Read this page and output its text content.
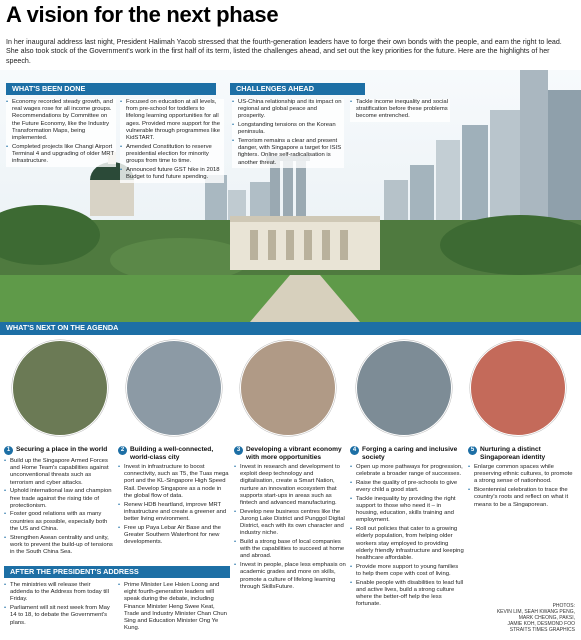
A vision for the next phase
In her inaugural address last night, President Halimah Yacob stressed that the fourth-generation leaders have to forge their own bonds with the people, and earn the right to lead. She also took stock of the Government's work in the first half of its term, listed the challenges ahead, and set out the key priorities for the future. Here are the highlights of her speech.
WHAT'S BEEN DONE

• Economy recorded steady growth, and real wages rose for all income groups. Recommendations by Committee on the Future Economy, like the Industry Transformation Maps, being implemented.

• Completed projects like Changi Airport Terminal 4 and upgrading of older MRT infrastructure.

• Focused on education at all levels, from pre-school for toddlers to lifelong learning opportunities for all ages. Provided more support for the vulnerable through programmes like KidSTART.

• Amended Constitution to reserve presidential election for minority groups from time to time.

• Announced future GST hike in 2018 Budget to fund future spending.

CHALLENGES AHEAD

• US-China relationship and its impact on regional and global peace and prosperity.

• Longstanding tensions on the Korean peninsula.

• Terrorism remains a clear and present danger, with Singapore a target for ISIS fighters. Online self-radicalisation is another threat.

• Tackle income inequality and social stratification before these problems become entrenched.

WHAT'S NEXT ON THE AGENDA
1 Securing a place in the world

• Build up the Singapore Armed Forces and Home Team's capabilities against unconventional threats such as terrorism and cyber attacks.

• Uphold international law and champion free trade against the rising tide of protectionism.

• Foster good relations with as many countries as possible, especially both the US and China.

• Strengthen Asean centrality and unity, work to prevent the build-up of tensions in the South China Sea.

2 Building a well-connected, world-class city

• Invest in infrastructure to boost connectivity, such as T5, the Tuas mega port and the KL-Singapore High Speed Rail. Develop Singapore as a node in the global flow of data.

• Renew HDB heartland, improve MRT infrastructure and create a greener and better living environment.

• Free up Paya Lebar Air Base and the Greater Southern Waterfront for new developments.

3 Developing a vibrant economy with more opportunities

• Invest in research and development to exploit deep technology and digitalisation, create a Smart Nation, nurture an innovation ecosystem that supports start-ups in areas such as fintech and advanced manufacturing.

• Develop new business centres like the Jurong Lake District and Punggol Digital District, each with its own character and industry niche.

• Build a strong base of local companies with the capabilities to succeed at home and abroad.

• Invest in people, place less emphasis on academic grades and more on skills, promote a culture of lifelong learning through SkillsFuture.

4 Forging a caring and inclusive society

• Open up more pathways for progression, celebrate a broader range of successes.

• Raise the quality of pre-schools to give every child a good start.

• Tackle inequality by providing the right support to those who need it – in housing, education, skills training and employment.

• Roll out policies that cater to a growing elderly population, from helping older workers stay employed to providing elderly friendly infrastructure and keeping healthcare affordable.

• Provide more support to young families to help them cope with cost of living.

• Enable people with disabilities to lead full and active lives, build a strong culture where the better-off help the less fortunate.

5 Nurturing a distinct Singaporean identity

• Enlarge common spaces while preserving ethnic cultures, to promote a strong sense of nationhood.

• Bicentennial celebration to trace the country's roots and reflect on what it means to be a Singaporean.

AFTER THE PRESIDENT'S ADDRESS

• The ministries will release their addenda to the Address from today till Friday.

• Parliament will sit next week from May 14 to 18, to debate the Government's plans.

• Prime Minister Lee Hsien Loong and eight fourth-generation leaders will speak during the debate, including Finance Minister Heng Swee Keat, Trade and Industry Minister Chan Chun Sing and Education Minister Ong Ye Kung.

PHOTOS:
KEVIN LIM, SEAH KWANG PENG,
MARK CHEONG, PAKSI,
JAMIE KOH, DESMOND FOO
STRAITS TIMES GRAPHICS
